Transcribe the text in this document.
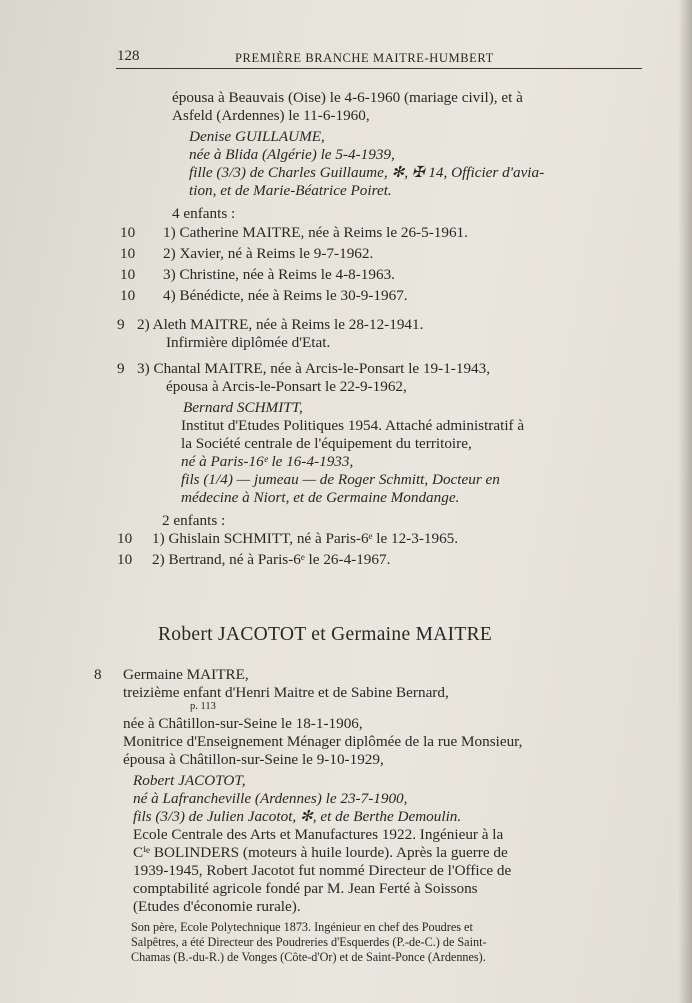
128	PREMIÈRE BRANCHE MAITRE-HUMBERT
épousa à Beauvais (Oise) le 4-6-1960 (mariage civil), et à
Asfeld (Ardennes) le 11-6-1960,
Denise GUILLAUME,
née à Blida (Algérie) le 5-4-1939,
fille (3/3) de Charles Guillaume, ✻, ✠ 14, Officier d'avia-
tion, et de Marie-Béatrice Poiret.
4 enfants :
10 1) Catherine MAITRE, née à Reims le 26-5-1961.
10 2) Xavier, né à Reims le 9-7-1962.
10 3) Christine, née à Reims le 4-8-1963.
10 4) Bénédicte, née à Reims le 30-9-1967.
9 2) Aleth MAITRE, née à Reims le 28-12-1941.
Infirmière diplômée d'Etat.
9 3) Chantal MAITRE, née à Arcis-le-Ponsart le 19-1-1943,
épousa à Arcis-le-Ponsart le 22-9-1962,
Bernard SCHMITT,
Institut d'Etudes Politiques 1954. Attaché administratif à
la Société centrale de l'équipement du territoire,
né à Paris-16ᵉ le 16-4-1933,
fils (1/4) — jumeau — de Roger Schmitt, Docteur en
médecine à Niort, et de Germaine Mondange.
2 enfants :
10 1) Ghislain SCHMITT, né à Paris-6ᵉ le 12-3-1965.
10 2) Bertrand, né à Paris-6ᵉ le 26-4-1967.
Robert JACOTOT et Germaine MAITRE
8 Germaine MAITRE,
treizième enfant d'Henri Maitre et de Sabine Bernard,
p. 113
née à Châtillon-sur-Seine le 18-1-1906,
Monitrice d'Enseignement Ménager diplômée de la rue Monsieur,
épousa à Châtillon-sur-Seine le 9-10-1929,
Robert JACOTOT,
né à Lafrancheville (Ardennes) le 23-7-1900,
fils (3/3) de Julien Jacotot, ✻, et de Berthe Demoulin.
Ecole Centrale des Arts et Manufactures 1922. Ingénieur à la
Cⁱᵉ BOLINDERS (moteurs à huile lourde). Après la guerre de
1939-1945, Robert Jacotot fut nommé Directeur de l'Office de
comptabilité agricole fondé par M. Jean Ferté à Soissons
(Etudes d'économie rurale).
Son père, Ecole Polytechnique 1873. Ingénieur en chef des Poudres et
Salpêtres, a été Directeur des Poudreries d'Esquerdes (P.-de-C.) de Saint-
Chamas (B.-du-R.) de Vonges (Côte-d'Or) et de Saint-Ponce (Ardennes).
